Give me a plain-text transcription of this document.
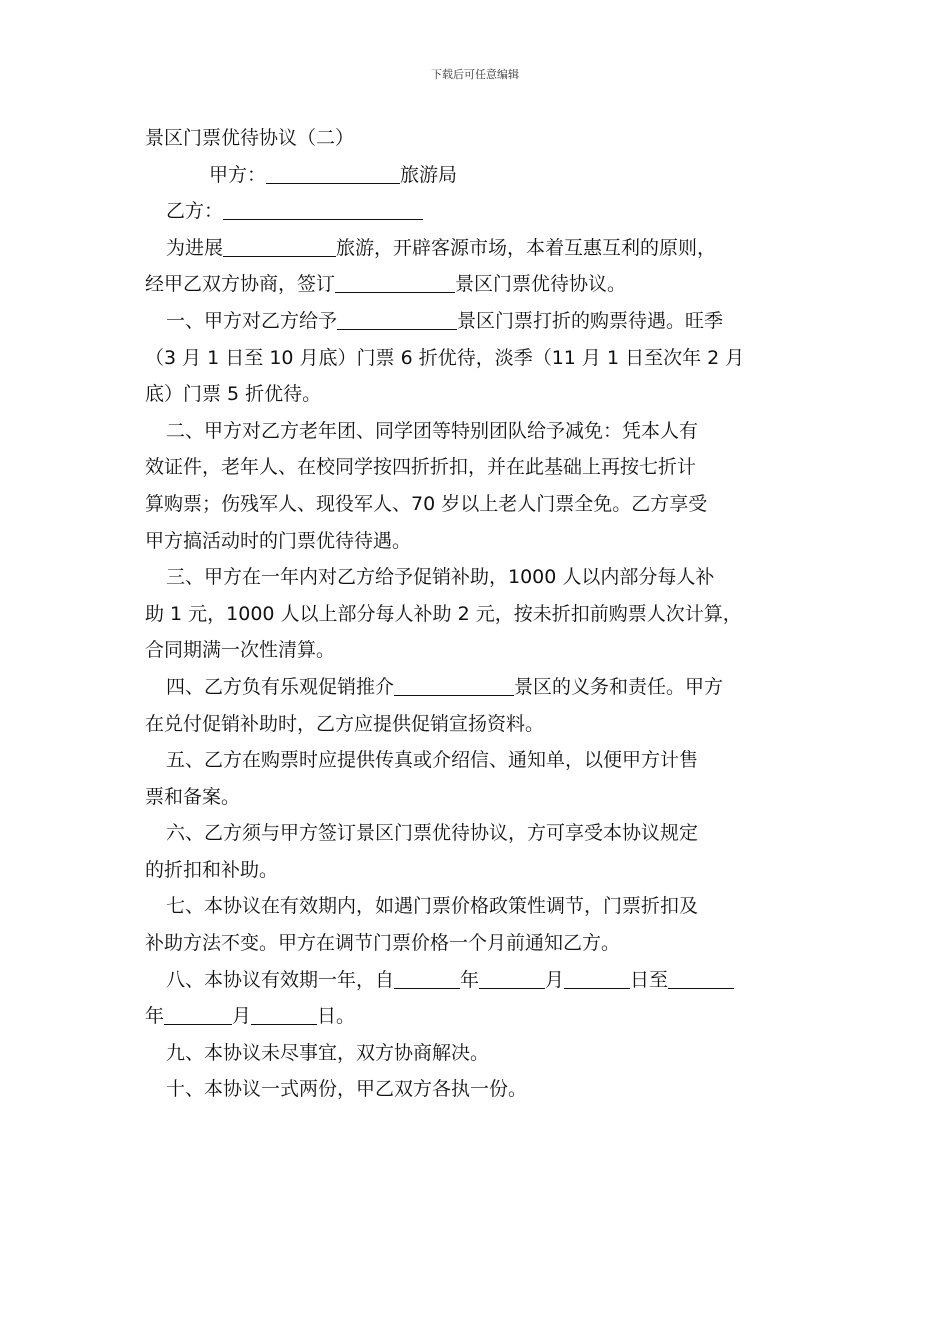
下载后可任意编辑
景区门票优待协议（二）
甲方：	旅游局
乙方：
为进展	旅游，开辟客源市场，本着互惠互利的原则，
经甲乙双方协商，签订	景区门票优待协议。
一、甲方对乙方给予	景区门票打折的购票待遇。旺季
（3 月 1 日至 10 月底）门票 6 折优待，淡季（11 月 1 日至次年 2 月
底）门票 5 折优待。
二、甲方对乙方老年团、同学团等特别团队给予减免：凭本人有
效证件，老年人、在校同学按四折折扣，并在此基础上再按七折计
算购票；伤残军人、现役军人、70 岁以上老人门票全免。乙方享受
甲方搞活动时的门票优待待遇。
三、甲方在一年内对乙方给予促销补助，1000 人以内部分每人补
助 1 元，1000 人以上部分每人补助 2 元，按未折扣前购票人次计算，
合同期满一次性清算。
四、乙方负有乐观促销推介	景区的义务和责任。甲方
在兑付促销补助时，乙方应提供促销宣扬资料。
五、乙方在购票时应提供传真或介绍信、通知单，以便甲方计售
票和备案。
六、乙方须与甲方签订景区门票优待协议，方可享受本协议规定
的折扣和补助。
七、本协议在有效期内，如遇门票价格政策性调节，门票折扣及
补助方法不变。甲方在调节门票价格一个月前通知乙方。
八、本协议有效期一年，自	年	月	日至
年	月	日。
九、本协议未尽事宜，双方协商解决。
十、本协议一式两份，甲乙双方各执一份。
